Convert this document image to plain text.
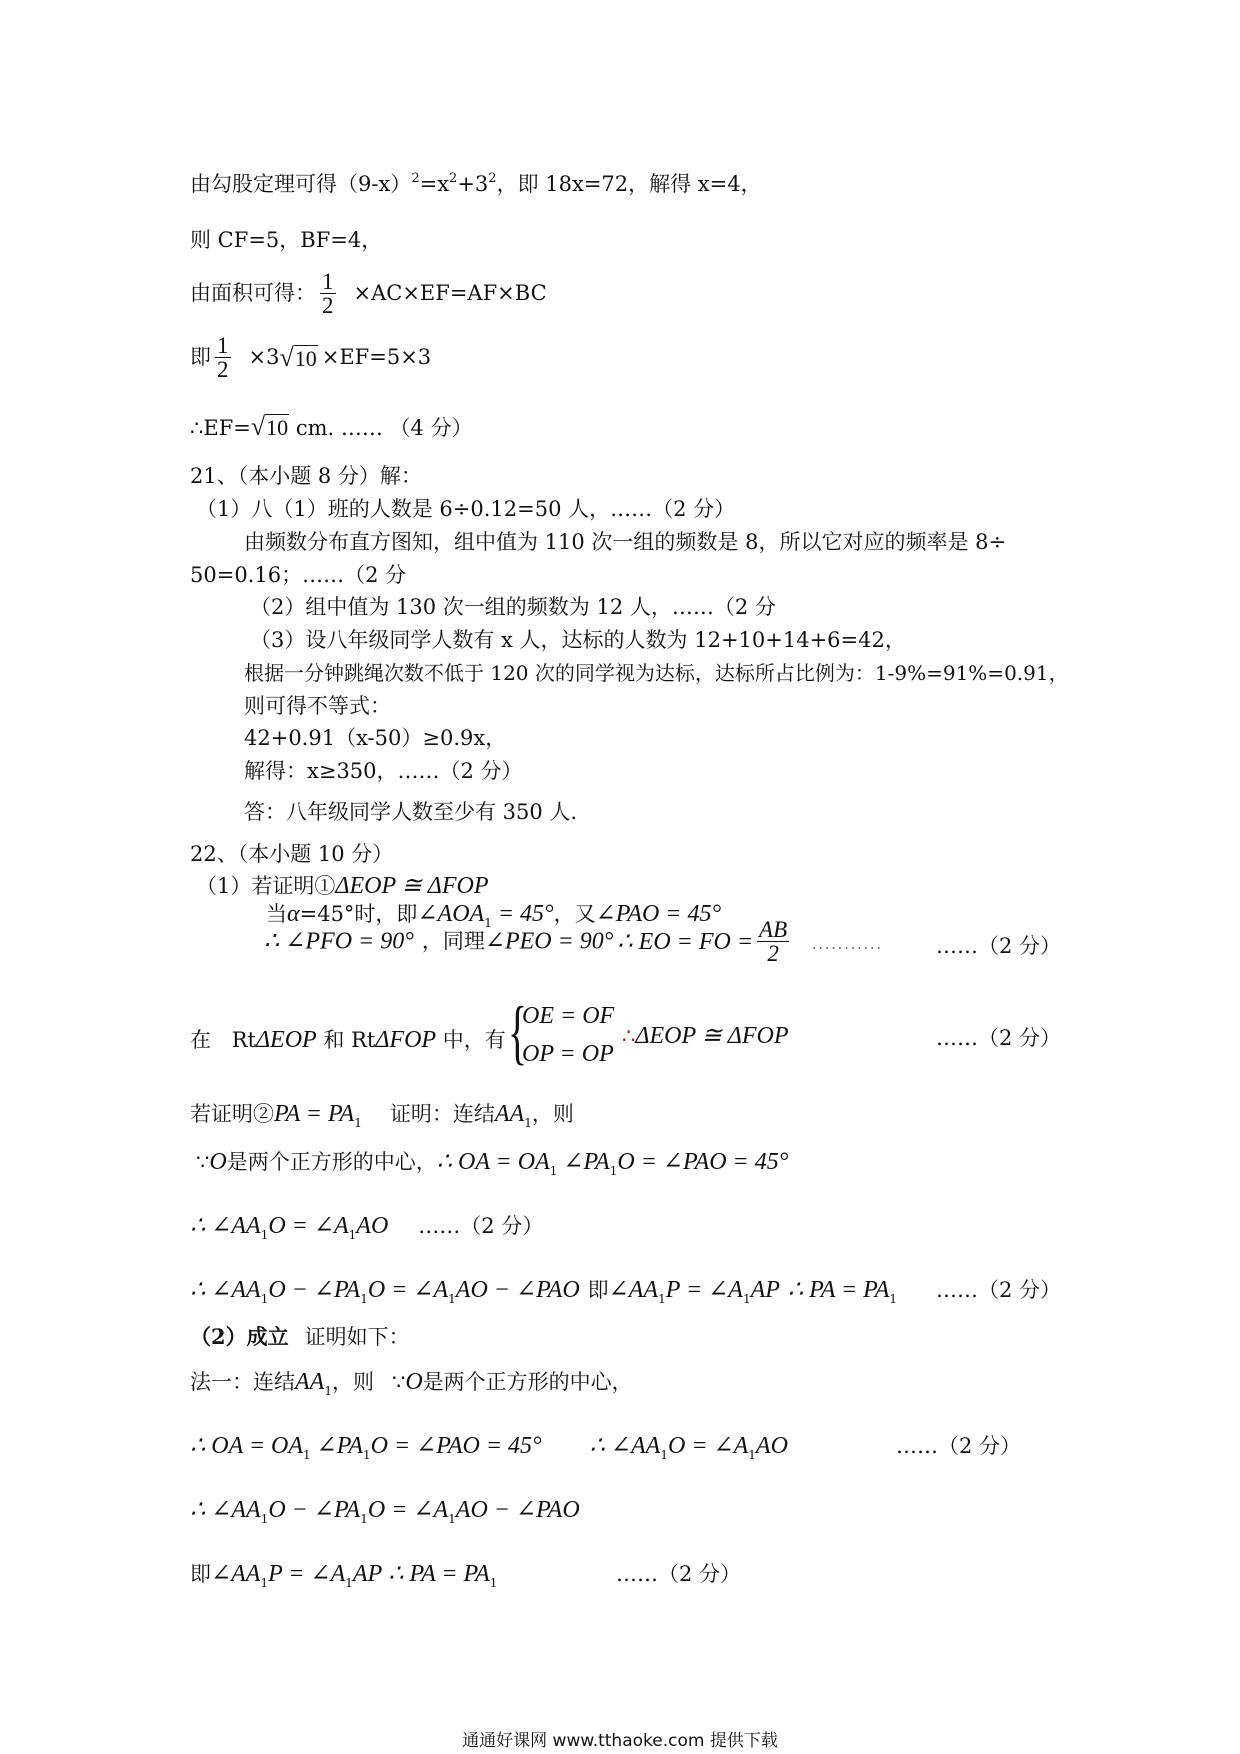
由勾股定理可得$(9-x)^2=x^2+3^2$，即 18x=72，解得 x=4，
则 CF=5，BF=4，
由面积可得： $\frac{1}{2} \times AC\times EF=AF\times BC$
即 $\frac{1}{2} \times 3√10 \times EF=5\times 3$
∴EF=√10 cm. …… （4 分）
21、（本小题 8 分）解：
（1）八（1）班的人数是 6÷0.12=50 人，……（2 分）
由频数分布直方图知，组中值为 110 次一组的频数是 8，所以它对应的频率是 8÷
50=0.16；……（2 分
（2）组中值为 130 次一组的频数为 12 人，……（2 分
（3）设八年级同学人数有 x 人，达标的人数为 12+10+14+6=42，
根据一分钟跳绳次数不低于 120 次的同学视为达标，达标所占比例为：1-9%=91%=0.91，
则可得不等式：
42+0.91（x-50）≥0.9x，
解得：x≥350，……（2 分）
答：八年级同学人数至少有 350 人.
22、（本小题 10 分）
（1）若证明①ΔEOP ≅ ΔFOP
当α=45°时，即$\angle AOA_1 = 45^\circ$，又∠PAO = 45°
∴ ∠PFO = 90° ，同理∠PEO = 90° ∴ EO = FO = $\frac{AB}{2}$ ...........	……（2 分）
在 RtΔEOP 和 RtΔFOP 中，有 {
OE = OF
OP = OP
∴ΔEOP ≅ ΔFOP	……（2 分）
若证明②PA = $PA_1$ 证明：连结$AA_1$，则
∵O是两个正方形的中心，∴ OA = $OA_1$ $\angle PA_1O$ = ∠PAO = 45°
∴ $\angle AA_1O$ = $\angle A_1AO$ ……（2 分）
∴ $\angle AA_1O$ − $\angle PA_1O$ = $\angle A_1AO$ − ∠PAO 即$\angle AA_1P$ = $\angle A_1AP$ ∴ PA = $PA_1$ ……（2 分）
（2）成立 证明如下：
法一：连结$AA_1$，则 ∵O是两个正方形的中心，
∴ OA = $OA_1$ $\angle PA_1O$ = ∠PAO = 45° ∴ $\angle AA_1O$ = $\angle A_1AO$	……（2 分）
∴ $\angle AA_1O$ − $\angle PA_1O$ = $\angle A_1AO$ − ∠PAO
即$\angle AA_1P$ = $\angle A_1AP$ ∴ PA = $PA_1$	……（2 分）
通通好课网 www.tthaoke.com 提供下载
